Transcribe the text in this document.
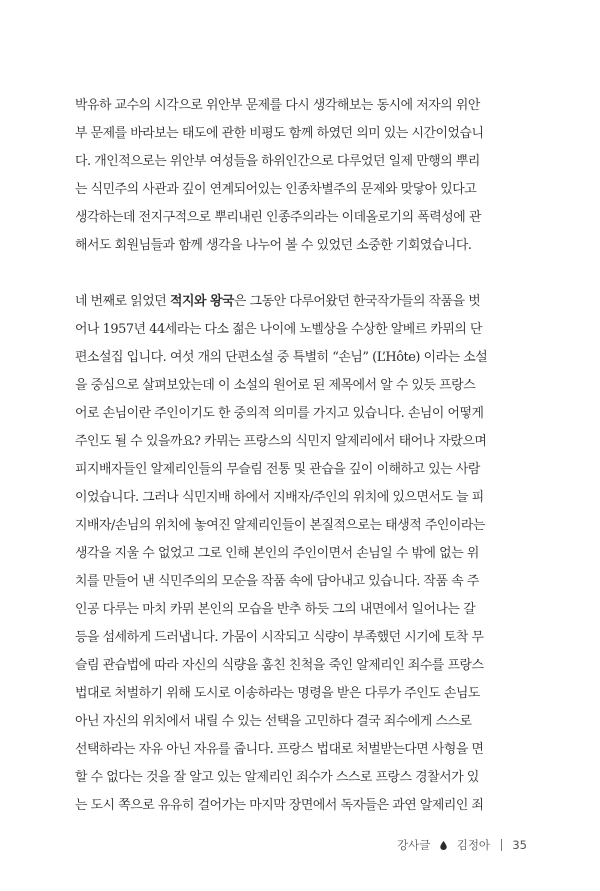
박유하 교수의 시각으로 위안부 문제를 다시 생각해보는 동시에 저자의 위안
부 문제를 바라보는 태도에 관한 비평도 함께 하였던 의미 있는 시간이었습니
다. 개인적으로는 위안부 여성들을 하위인간으로 다루었던 일제 만행의 뿌리
는 식민주의 사관과 깊이 연계되어있는 인종차별주의 문제와 맞닿아 있다고
생각하는데 전지구적으로 뿌리내린 인종주의라는 이데올로기의 폭력성에 관
해서도 회원님들과 함께 생각을 나누어 볼 수 있었던 소중한 기회였습니다.
네 번째로 읽었던 적지와 왕국은 그동안 다루어왔던 한국작가들의 작품을 벗
어나 1957년 44세라는 다소 젊은 나이에 노벨상을 수상한 알베르 카뮈의 단
편소설집 입니다. 여섯 개의 단편소설 중 특별히 “손님” (L’Hôte) 이라는 소설
을 중심으로 살펴보았는데 이 소설의 원어로 된 제목에서 알 수 있듯 프랑스
어로 손님이란 주인이기도 한 중의적 의미를 가지고 있습니다. 손님이 어떻게
주인도 될 수 있을까요? 카뮈는 프랑스의 식민지 알제리에서 태어나 자랐으며
피지배자들인 알제리인들의 무슬림 전통 및 관습을 깊이 이해하고 있는 사람
이었습니다. 그러나 식민지배 하에서 지배자/주인의 위치에 있으면서도 늘 피
지배자/손님의 위치에 놓여진 알제리인들이 본질적으로는 태생적 주인이라는
생각을 지울 수 없었고 그로 인해 본인의 주인이면서 손님일 수 밖에 없는 위
치를 만들어 낸 식민주의의 모순을 작품 속에 담아내고 있습니다. 작품 속 주
인공 다루는 마치 카뮈 본인의 모습을 반추 하듯 그의 내면에서 일어나는 갈
등을 섬세하게 드러냅니다. 가뭄이 시작되고 식량이 부족했던 시기에 토착 무
슬림 관습법에 따라 자신의 식량을 훔친 친척을 죽인 알제리인 죄수를 프랑스
법대로 처벌하기 위해 도시로 이송하라는 명령을 받은 다루가 주인도 손님도
아닌 자신의 위치에서 내릴 수 있는 선택을 고민하다 결국 죄수에게 스스로
선택하라는 자유 아닌 자유를 줍니다. 프랑스 법대로 처벌받는다면 사형을 면
할 수 없다는 것을 잘 알고 있는 알제리인 죄수가 스스로 프랑스 경찰서가 있
는 도시 쪽으로 유유히 걸어가는 마지막 장면에서 독자들은 과연 알제리인 죄
강사글 김정아 35
